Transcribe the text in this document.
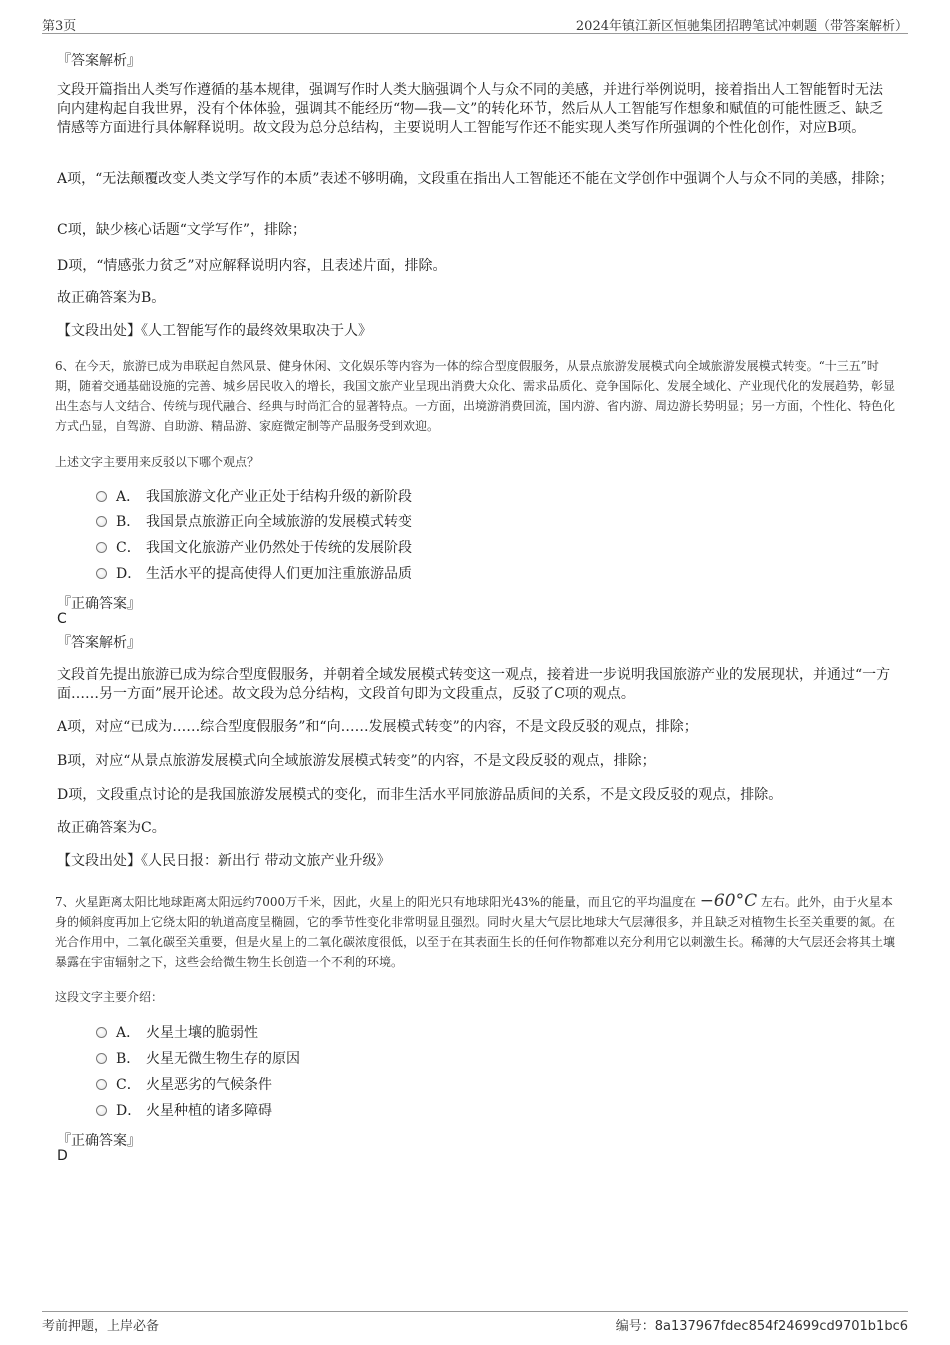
第3页	2024年镇江新区恒驰集团招聘笔试冲刺题（带答案解析）
『答案解析』
文段开篇指出人类写作遵循的基本规律，强调写作时人类大脑强调个人与众不同的美感，并进行举例说明，接着指出人工智能暂时无法向内建构起自我世界，没有个体体验，强调其不能经历“物—我—文”的转化环节，然后从人工智能写作想象和赋值的可能性匮乏、缺乏情感等方面进行具体解释说明。故文段为总分总结构，主要说明人工智能写作还不能实现人类写作所强调的个性化创作，对应B项。
A项，“无法颠覆改变人类文学写作的本质”表述不够明确，文段重在指出人工智能还不能在文学创作中强调个人与众不同的美感，排除；
C项，缺少核心话题“文学写作”，排除；
D项，“情感张力贫乏”对应解释说明内容，且表述片面，排除。
故正确答案为B。
【文段出处】《人工智能写作的最终效果取决于人》
6、在今天，旅游已成为串联起自然风景、健身休闲、文化娱乐等内容为一体的综合型度假服务，从景点旅游发展模式向全域旅游发展模式转变。“十三五”时期，随着交通基础设施的完善、城乡居民收入的增长，我国文旅产业呈现出消费大众化、需求品质化、竞争国际化、发展全域化、产业现代化的发展趋势，彰显出生态与人文结合、传统与现代融合、经典与时尚汇合的显著特点。一方面，出境游消费回流，国内游、省内游、周边游长势明显；另一方面，个性化、特色化方式凸显，自驾游、自助游、精品游、家庭微定制等产品服务受到欢迎。
上述文字主要用来反驳以下哪个观点？
A． 我国旅游文化产业正处于结构升级的新阶段
B． 我国景点旅游正向全域旅游的发展模式转变
C． 我国文化旅游产业仍然处于传统的发展阶段
D． 生活水平的提高使得人们更加注重旅游品质
『正确答案』
C
『答案解析』
文段首先提出旅游已成为综合型度假服务，并朝着全域发展模式转变这一观点，接着进一步说明我国旅游产业的发展现状，并通过“一方面……另一方面”展开论述。故文段为总分结构，文段首句即为文段重点，反驳了C项的观点。
A项，对应“已成为……综合型度假服务”和“向……发展模式转变”的内容，不是文段反驳的观点，排除；
B项，对应“从景点旅游发展模式向全域旅游发展模式转变”的内容，不是文段反驳的观点，排除；
D项，文段重点讨论的是我国旅游发展模式的变化，而非生活水平同旅游品质间的关系，不是文段反驳的观点，排除。
故正确答案为C。
【文段出处】《人民日报：新出行 带动文旅产业升级》
7、火星距离太阳比地球距离太阳远约7000万千米，因此，火星上的阳光只有地球阳光43%的能量，而且它的平均温度在 −60°C 左右。此外，由于火星本身的倾斜度再加上它绕太阳的轨道高度呈椭圆，它的季节性变化非常明显且强烈。同时火星大气层比地球大气层薄很多，并且缺乏对植物生长至关重要的氮。在光合作用中，二氧化碳至关重要，但是火星上的二氧化碳浓度很低，以至于在其表面生长的任何作物都难以充分利用它以刺激生长。稀薄的大气层还会将其土壤暴露在宇宙辐射之下，这些会给微生物生长创造一个不利的环境。
这段文字主要介绍：
A． 火星土壤的脆弱性
B． 火星无微生物生存的原因
C． 火星恶劣的气候条件
D． 火星种植的诸多障碍
『正确答案』
D
考前押题，上岸必备	编号：8a137967fdec854f24699cd9701b1bc6
